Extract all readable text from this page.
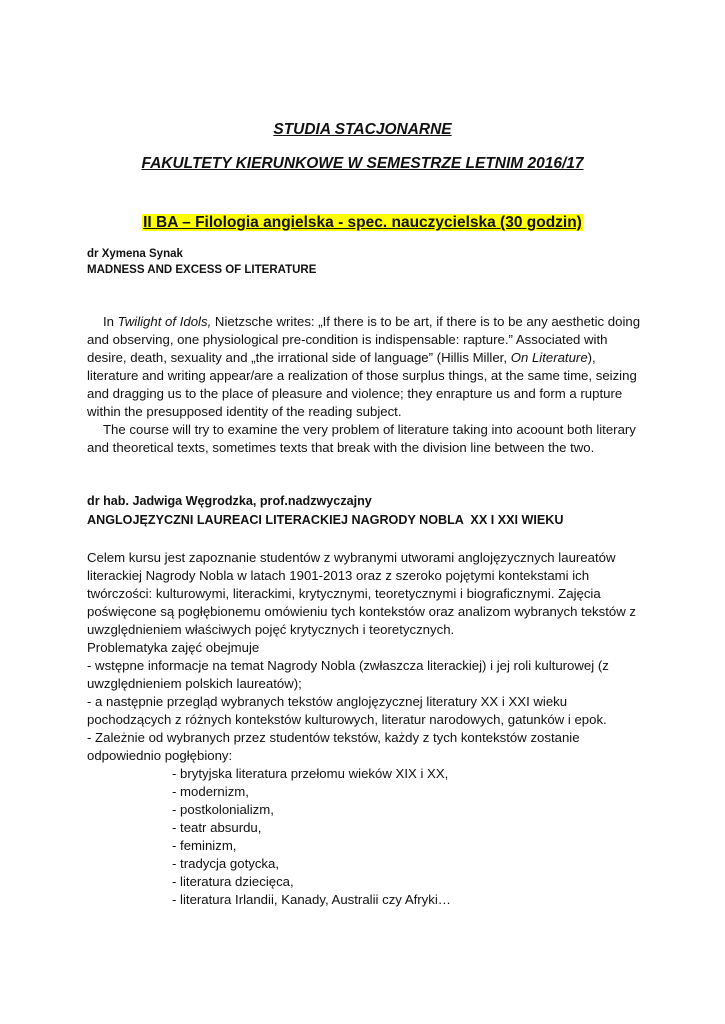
STUDIA STACJONARNE
FAKULTETY KIERUNKOWE W SEMESTRZE LETNIM 2016/17
II BA – Filologia angielska - spec. nauczycielska (30 godzin)
dr Xymena Synak
MADNESS AND EXCESS OF LITERATURE

In Twilight of Idols, Nietzsche writes: „If there is to be art, if there is to be any aesthetic doing and observing, one physiological pre-condition is indispensable: rapture.” Associated with desire, death, sexuality and „the irrational side of language” (Hillis Miller, On Literature), literature and writing appear/are a realization of those surplus things, at the same time, seizing and dragging us to the place of pleasure and violence; they enrapture us and form a rupture within the presupposed identity of the reading subject.

The course will try to examine the very problem of literature taking into acoount both literary and theoretical texts, sometimes texts that break with the division line between the two.

dr hab. Jadwiga Węgrodzka, prof.nadzwyczajny
ANGLOJĘZYCZNI LAUREACI LITERACKIEJ NAGRODY NOBLA  XX I XXI WIEKU
Celem kursu jest zapoznanie studentów z wybranymi utworami anglojęzycznych laureatów literackiej Nagrody Nobla w latach 1901-2013 oraz z szeroko pojętymi kontekstami ich twórczości: kulturowymi, literackimi, krytycznymi, teoretycznymi i biograficznymi. Zajęcia poświęcone są pogłębionemu omówieniu tych kontekstów oraz analizom wybranych tekstów z uwzględnieniem właściwych pojęć krytycznych i teoretycznych.
Problematyka zajęć obejmuje
- wstępne informacje na temat Nagrody Nobla (zwłaszcza literackiej) i jej roli kulturowej (z uwzględnieniem polskich laureatów);
- a następnie przegląd wybranych tekstów anglojęzycznej literatury XX i XXI wieku pochodzących z różnych kontekstów kulturowych, literatur narodowych, gatunków i epok.
- Zależnie od wybranych przez studentów tekstów, każdy z tych kontekstów zostanie odpowiednio pogłębiony:
- brytyjska literatura przełomu wieków XIX i XX,
- modernizm,
- postkolonializm,
- teatr absurdu,
- feminizm,
- tradycja gotycka,
- literatura dziecięca,
- literatura Irlandii, Kanady, Australii czy Afryki…
